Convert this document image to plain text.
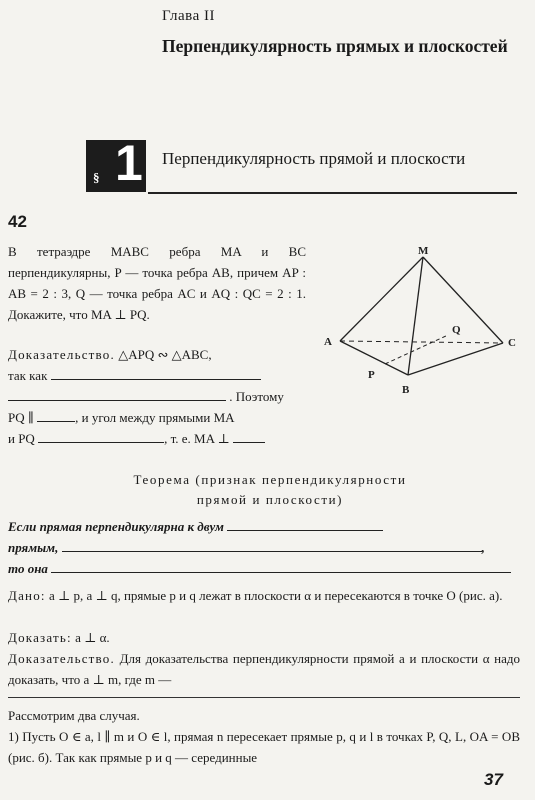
Глава II
Перпендикулярность прямых и плоскостей
§ 1 Перпендикулярность прямой и плоскости
42
В тетраэдре MABC ребра MA и BC перпендикулярны, P — точка ребра AB, причем AP : AB = 2 : 3, Q — точка ребра AC и AQ : QC = 2 : 1. Докажите, что MA ⊥ PQ.
Доказательство. △APQ ∾ △ABC,
так как
. Поэтому
PQ ∥	, и угол между прямыми MA
и PQ	, т. е. MA ⊥
M
A	C
Q
P
B
Теорема (признак перпендикулярности
прямой и плоскости)
Если прямая перпендикулярна к двум
прямым,	,
то она
Дано: a ⊥ p, a ⊥ q, прямые p и q лежат в плоскости α и пересекаются в точке O (рис. а).
Доказать: a ⊥ α.
Доказательство. Для доказательства перпендикулярности прямой a и плоскости α надо доказать, что a ⊥ m, где m —
Рассмотрим два случая.
1) Пусть O ∈ a, l ∥ m и O ∈ l, прямая n пересекает прямые p, q и l в точках P, Q, L, OA = OB (рис. б). Так как прямые p и q — серединные
37
